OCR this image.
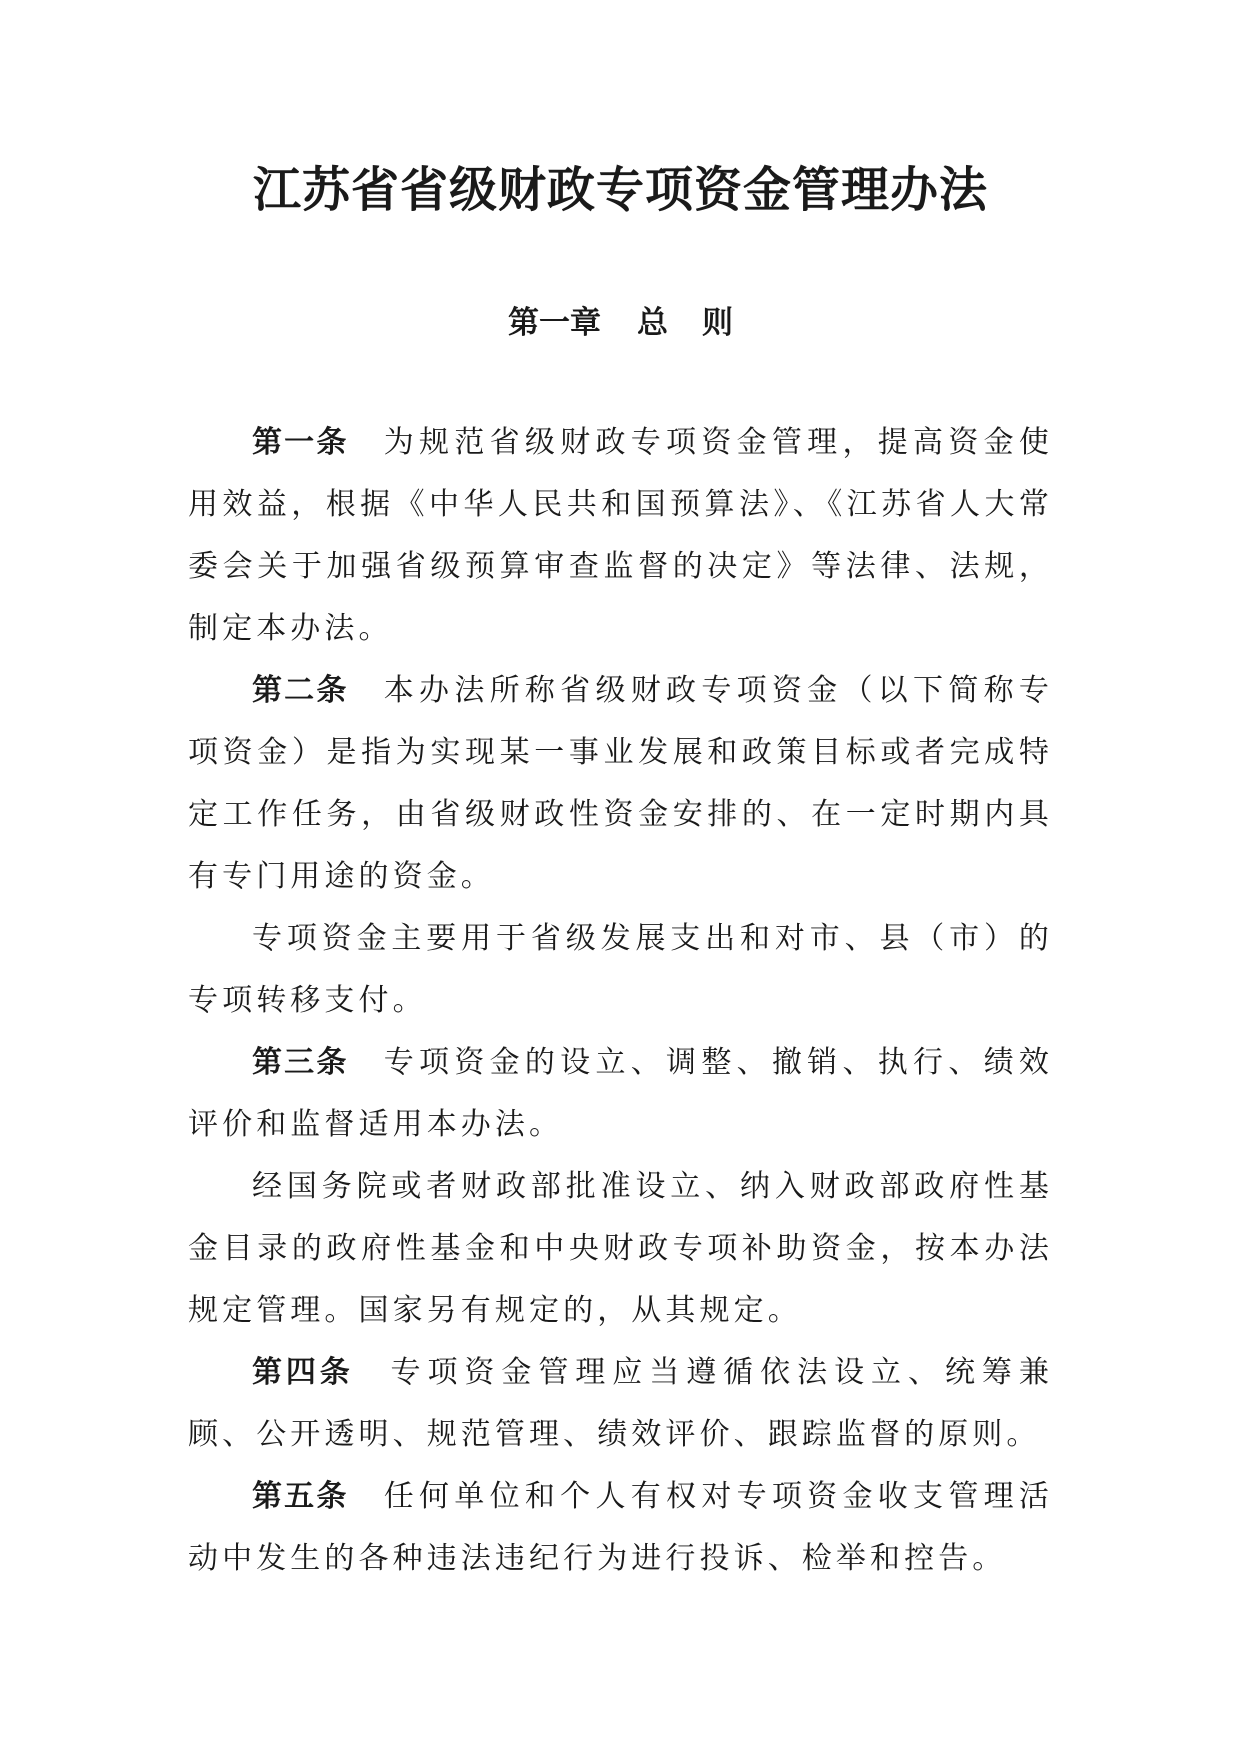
江苏省省级财政专项资金管理办法
第一章 总 则

第一条 为规范省级财政专项资金管理，提高资金使用效益，根据《中华人民共和国预算法》、《江苏省人大常委会关于加强省级预算审查监督的决定》等法律、法规，制定本办法。

第二条 本办法所称省级财政专项资金（以下简称专项资金）是指为实现某一事业发展和政策目标或者完成特定工作任务，由省级财政性资金安排的、在一定时期内具有专门用途的资金。

专项资金主要用于省级发展支出和对市、县（市）的专项转移支付。

第三条 专项资金的设立、调整、撤销、执行、绩效评价和监督适用本办法。

经国务院或者财政部批准设立、纳入财政部政府性基金目录的政府性基金和中央财政专项补助资金，按本办法规定管理。国家另有规定的，从其规定。

第四条 专项资金管理应当遵循依法设立、统筹兼顾、公开透明、规范管理、绩效评价、跟踪监督的原则。

第五条 任何单位和个人有权对专项资金收支管理活动中发生的各种违法违纪行为进行投诉、检举和控告。
